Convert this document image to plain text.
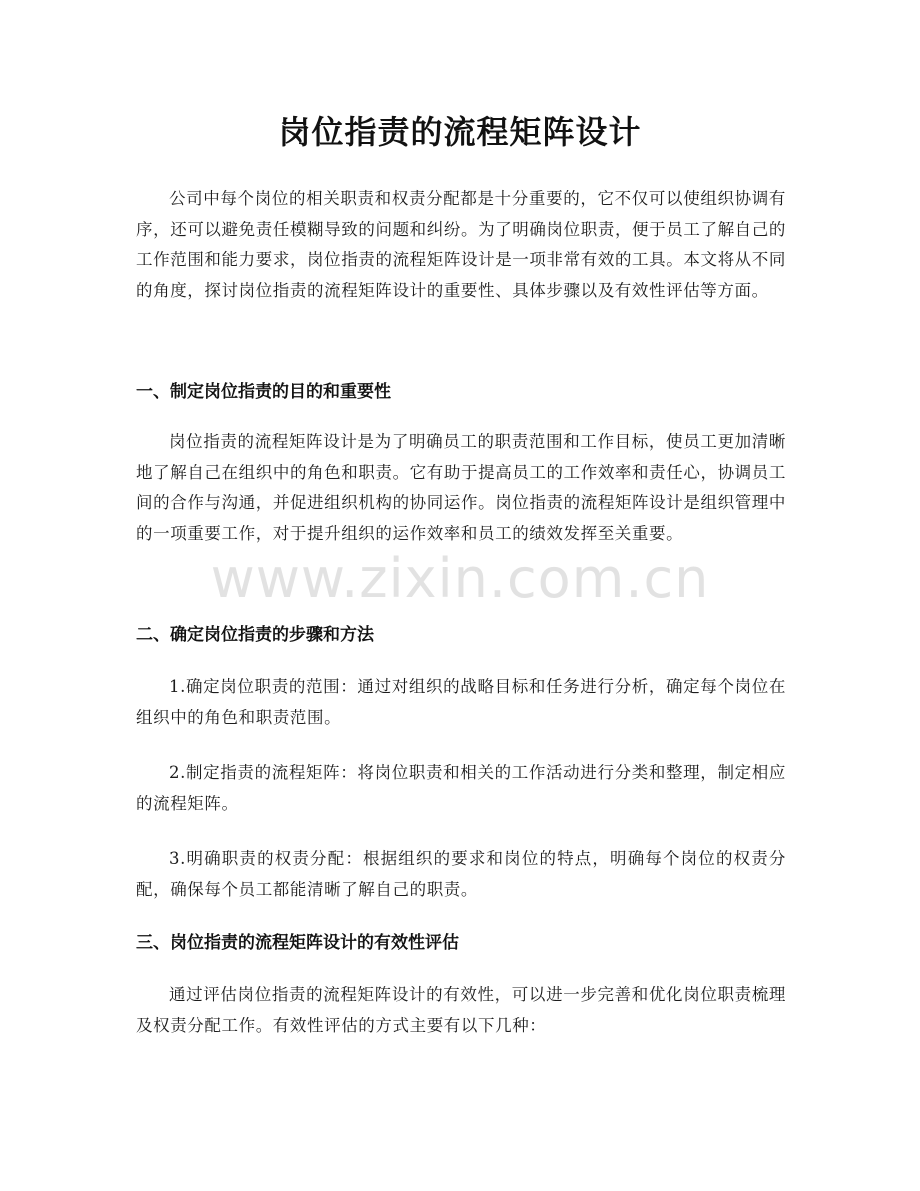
岗位指责的流程矩阵设计
公司中每个岗位的相关职责和权责分配都是十分重要的，它不仅可以使组织协调有序，还可以避免责任模糊导致的问题和纠纷。为了明确岗位职责，便于员工了解自己的工作范围和能力要求，岗位指责的流程矩阵设计是一项非常有效的工具。本文将从不同的角度，探讨岗位指责的流程矩阵设计的重要性、具体步骤以及有效性评估等方面。
一、制定岗位指责的目的和重要性
岗位指责的流程矩阵设计是为了明确员工的职责范围和工作目标，使员工更加清晰地了解自己在组织中的角色和职责。它有助于提高员工的工作效率和责任心，协调员工间的合作与沟通，并促进组织机构的协同运作。岗位指责的流程矩阵设计是组织管理中的一项重要工作，对于提升组织的运作效率和员工的绩效发挥至关重要。
二、确定岗位指责的步骤和方法
1.确定岗位职责的范围：通过对组织的战略目标和任务进行分析，确定每个岗位在组织中的角色和职责范围。
2.制定指责的流程矩阵：将岗位职责和相关的工作活动进行分类和整理，制定相应的流程矩阵。
3.明确职责的权责分配：根据组织的要求和岗位的特点，明确每个岗位的权责分配，确保每个员工都能清晰了解自己的职责。
三、岗位指责的流程矩阵设计的有效性评估
通过评估岗位指责的流程矩阵设计的有效性，可以进一步完善和优化岗位职责梳理及权责分配工作。有效性评估的方式主要有以下几种：
www.zixin.com.cn
